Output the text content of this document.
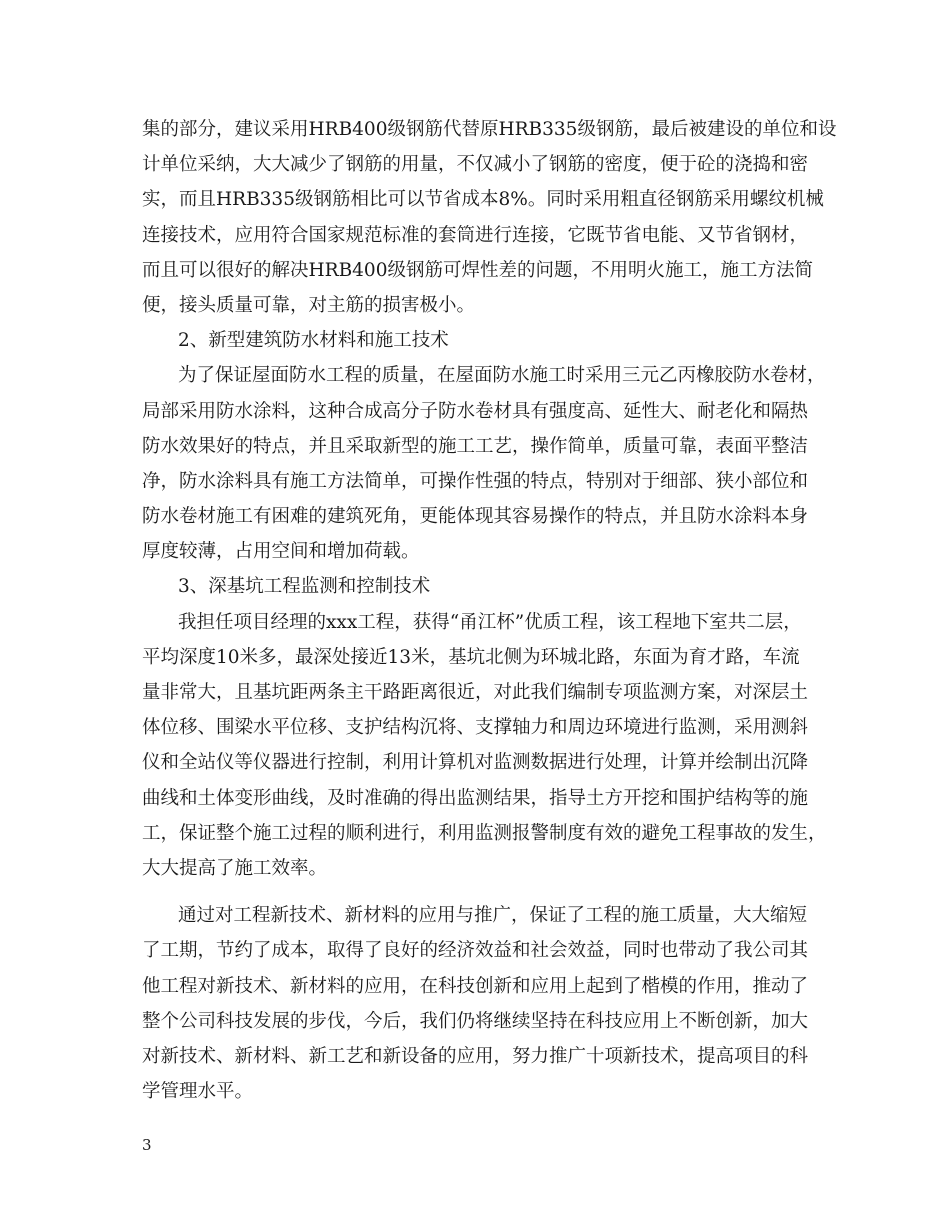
集的部分，建议采用HRB400级钢筋代替原HRB335级钢筋，最后被建设的单位和设
计单位采纳，大大减少了钢筋的用量，不仅减小了钢筋的密度，便于砼的浇捣和密
实，而且HRB335级钢筋相比可以节省成本8%。同时采用粗直径钢筋采用螺纹机械
连接技术，应用符合国家规范标准的套筒进行连接，它既节省电能、又节省钢材，
而且可以很好的解决HRB400级钢筋可焊性差的问题，不用明火施工，施工方法简
便，接头质量可靠，对主筋的损害极小。
2、新型建筑防水材料和施工技术
为了保证屋面防水工程的质量，在屋面防水施工时采用三元乙丙橡胶防水卷材，
局部采用防水涂料，这种合成高分子防水卷材具有强度高、延性大、耐老化和隔热
防水效果好的特点，并且采取新型的施工工艺，操作简单，质量可靠，表面平整洁
净，防水涂料具有施工方法简单，可操作性强的特点，特别对于细部、狭小部位和
防水卷材施工有困难的建筑死角，更能体现其容易操作的特点，并且防水涂料本身
厚度较薄，占用空间和增加荷载。
3、深基坑工程监测和控制技术
我担任项目经理的xxx工程，获得“甬江杯”优质工程，该工程地下室共二层，
平均深度10米多，最深处接近13米，基坑北侧为环城北路，东面为育才路，车流
量非常大，且基坑距两条主干路距离很近，对此我们编制专项监测方案，对深层土
体位移、围梁水平位移、支护结构沉将、支撑轴力和周边环境进行监测，采用测斜
仪和全站仪等仪器进行控制，利用计算机对监测数据进行处理，计算并绘制出沉降
曲线和土体变形曲线，及时准确的得出监测结果，指导土方开挖和围护结构等的施
工，保证整个施工过程的顺利进行，利用监测报警制度有效的避免工程事故的发生，
大大提高了施工效率。
通过对工程新技术、新材料的应用与推广，保证了工程的施工质量，大大缩短
了工期，节约了成本，取得了良好的经济效益和社会效益，同时也带动了我公司其
他工程对新技术、新材料的应用，在科技创新和应用上起到了楷模的作用，推动了
整个公司科技发展的步伐，今后，我们仍将继续坚持在科技应用上不断创新，加大
对新技术、新材料、新工艺和新设备的应用，努力推广十项新技术，提高项目的科
学管理水平。
3
